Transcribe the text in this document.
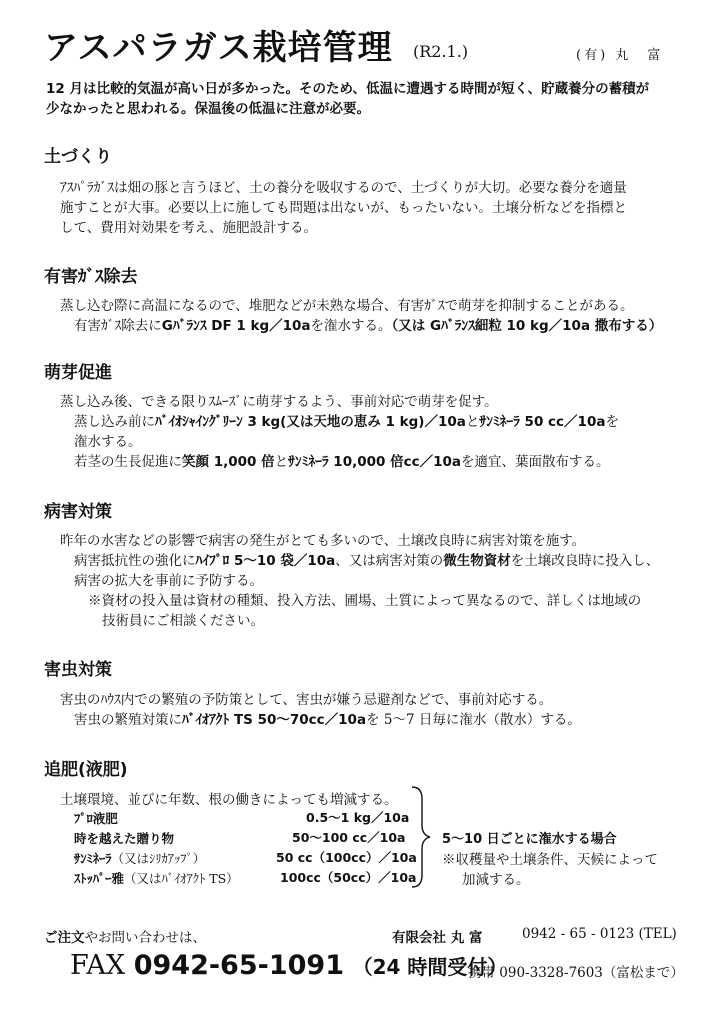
アスパラガス栽培管理 (R2.1.)	(有) 丸　富
12 月は比較的気温が高い日が多かった。そのため、低温に遭遇する時間が短く、貯蔵養分の蓄積が
少なかったと思われる。保温後の低温に注意が必要。
土づくり
ｱｽﾊﾟﾗｶﾞｽは畑の豚と言うほど、土の養分を吸収するので、土づくりが大切。必要な養分を適量
施すことが大事。必要以上に施しても問題は出ないが、もったいない。土壌分析などを指標と
して、費用対効果を考え、施肥設計する。
有害ｶﾞｽ除去
蒸し込む際に高温になるので、堆肥などが未熟な場合、有害ｶﾞｽで萌芽を抑制することがある。
有害ｶﾞｽ除去にGﾊﾞﾗﾝｽ DF 1 kg／10aを潅水する。（又は Gﾊﾞﾗﾝｽ細粒 10 kg／10a 撒布する）
萌芽促進
蒸し込み後、できる限りｽﾑｰｽﾞに萌芽するよう、事前対応で萌芽を促す。
蒸し込み前にﾊﾞｲｵｼｬｲﾝｸﾞﾘｰﾝ 3 kg(又は天地の恵み 1 kg)／10aとｻﾝﾐﾈｰﾗ 50 cc／10aを
潅水する。
若茎の生長促進に笑顔 1,000 倍とｻﾝﾐﾈｰﾗ 10,000 倍cc／10aを適宜、葉面散布する。
病害対策
昨年の水害などの影響で病害の発生がとても多いので、土壌改良時に病害対策を施す。
病害抵抗性の強化にﾊｲﾌﾟﾛ 5～10 袋／10a、又は病害対策の微生物資材を土壌改良時に投入し、
病害の拡大を事前に予防する。
※資材の投入量は資材の種類、投入方法、圃場、土質によって異なるので、詳しくは地域の
技術員にご相談ください。
害虫対策
害虫のﾊｳｽ内での繁殖の予防策として、害虫が嫌う忌避剤などで、事前対応する。
害虫の繁殖対策にﾊﾞｲｵｱｸﾄ TS 50～70cc／10aを 5～7 日毎に潅水（散水）する。
追肥(液肥)
土壌環境、並びに年数、根の働きによっても増減する。
ﾌﾟﾛ液肥	0.5～1 kg／10a
時を越えた贈り物	50～100 cc／10a
ｻﾝﾐﾈｰﾗ（又はｼﾘｶｱｯﾌﾟ）	50 cc（100cc）／10a
ｽﾄｯﾊﾟｰ雅（又はﾊﾞｲｵｱｸﾄ TS）	100cc（50cc）／10a
5～10 日ごとに潅水する場合
※収穫量や土壌条件、天候によって
加減する。
ご注文やお問い合わせは、	有限会社 丸 富	0942 - 65 - 0123 (TEL)
FAX 0942-65-1091 （24 時間受付）
携帯 090-3328-7603（富松まで）
